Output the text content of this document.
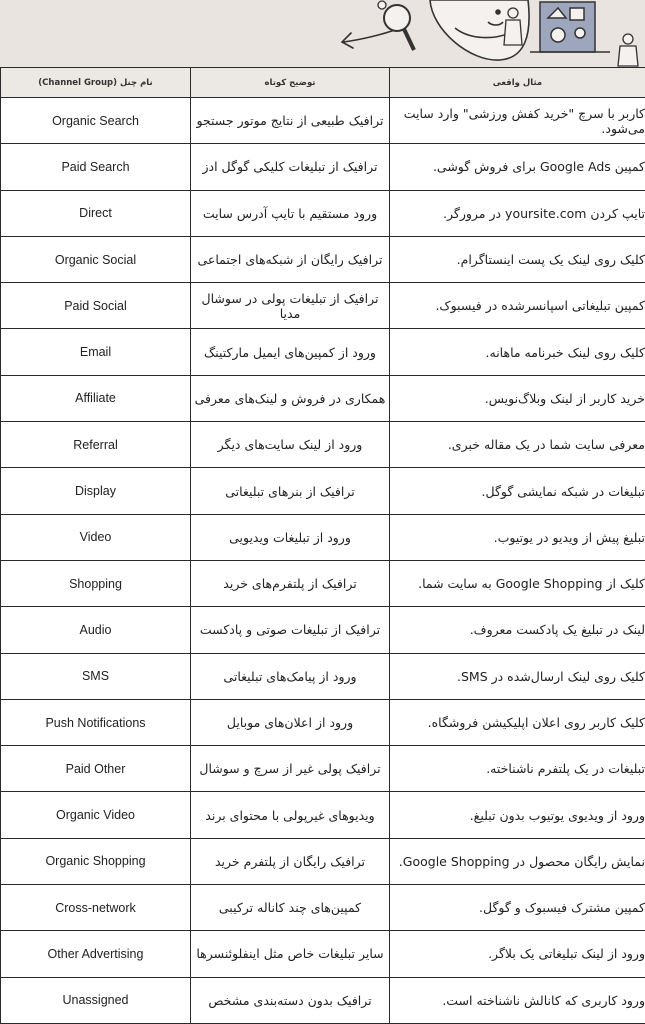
(Channel Group) نام چنل	توضیح کوتاه	مثال واقعی
Organic Search	ترافیک طبیعی از نتایج موتور جستجو	کاربر با سرچ "خرید کفش ورزشی" وارد سایت می‌شود.
Paid Search	ترافیک از تبلیغات کلیکی گوگل ادز	کمپین Google Ads برای فروش گوشی.
Direct	ورود مستقیم با تایپ آدرس سایت	تایپ کردن yoursite.com در مرورگر.
Organic Social	ترافیک رایگان از شبکه‌های اجتماعی	کلیک روی لینک یک پست اینستاگرام.
Paid Social	ترافیک از تبلیغات پولی در سوشال مدیا	کمپین تبلیغاتی اسپانسرشده در فیسبوک.
Email	ورود از کمپین‌های ایمیل مارکتینگ	کلیک روی لینک خبرنامه ماهانه.
Affiliate	همکاری در فروش و لینک‌های معرفی	خرید کاربر از لینک وبلاگ‌نویس.
Referral	ورود از لینک سایت‌های دیگر	معرفی سایت شما در یک مقاله خبری.
Display	ترافیک از بنرهای تبلیغاتی	تبلیغات در شبکه نمایشی گوگل.
Video	ورود از تبلیغات ویدیویی	تبلیغ پیش از ویدیو در یوتیوب.
Shopping	ترافیک از پلتفرم‌های خرید	کلیک از Google Shopping به سایت شما.
Audio	ترافیک از تبلیغات صوتی و پادکست	لینک در تبلیغ یک پادکست معروف.
SMS	ورود از پیامک‌های تبلیغاتی	کلیک روی لینک ارسال‌شده در SMS.
Push Notifications	ورود از اعلان‌های موبایل	کلیک کاربر روی اعلان اپلیکیشن فروشگاه.
Paid Other	ترافیک پولی غیر از سرچ و سوشال	تبلیغات در یک پلتفرم ناشناخته.
Organic Video	ویدیوهای غیرپولی با محتوای برند	ورود از ویدیوی یوتیوب بدون تبلیغ.
Organic Shopping	ترافیک رایگان از پلتفرم خرید	نمایش رایگان محصول در Google Shopping.
Cross-network	کمپین‌های چند کاناله ترکیبی	کمپین مشترک فیسبوک و گوگل.
Other Advertising	سایر تبلیغات خاص مثل اینفلوئنسرها	ورود از لینک تبلیغاتی یک بلاگر.
Unassigned	ترافیک بدون دسته‌بندی مشخص	ورود کاربری که کانالش ناشناخته است.
